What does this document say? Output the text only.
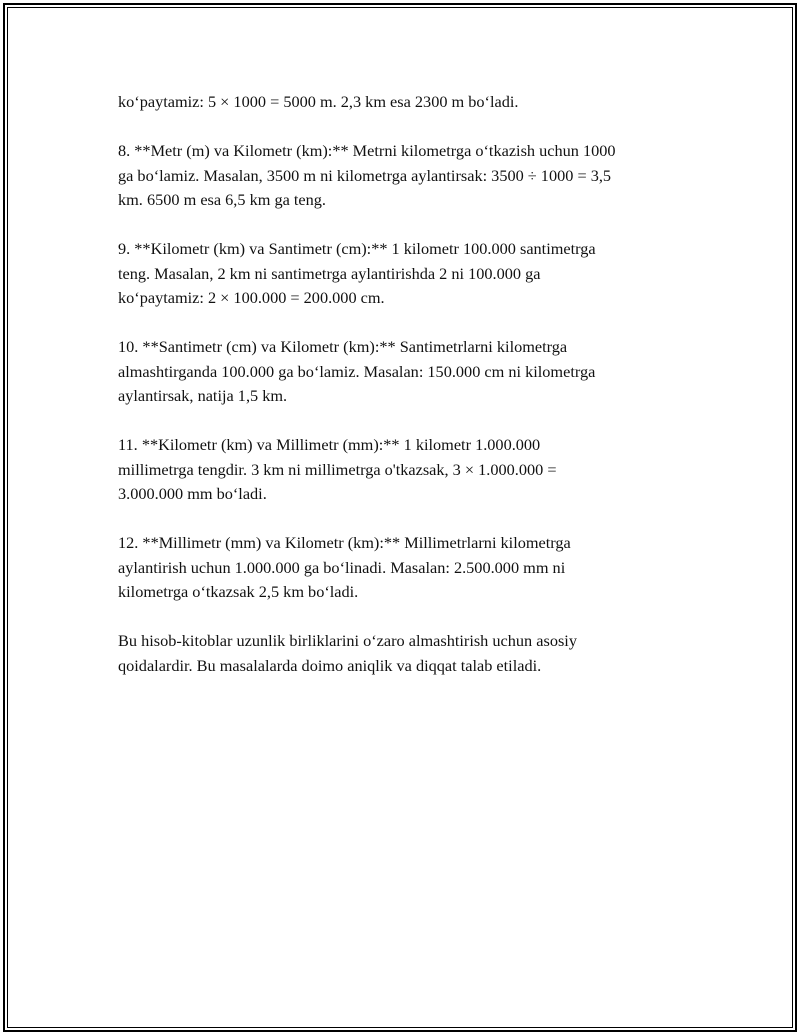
ko‘paytamiz: 5 × 1000 = 5000 m. 2,3 km esa 2300 m bo‘ladi.

8. **Metr (m) va Kilometr (km):** Metrni kilometrga o‘tkazish uchun 1000
ga bo‘lamiz. Masalan, 3500 m ni kilometrga aylantirsak: 3500 ÷ 1000 = 3,5
km. 6500 m esa 6,5 km ga teng.

9. **Kilometr (km) va Santimetr (cm):** 1 kilometr 100.000 santimetrga
teng. Masalan, 2 km ni santimetrga aylantirishda 2 ni 100.000 ga
ko‘paytamiz: 2 × 100.000 = 200.000 cm.

10. **Santimetr (cm) va Kilometr (km):** Santimetrlarni kilometrga
almashtirganda 100.000 ga bo‘lamiz. Masalan: 150.000 cm ni kilometrga
aylantirsak, natija 1,5 km.

11. **Kilometr (km) va Millimetr (mm):** 1 kilometr 1.000.000
millimetrga tengdir. 3 km ni millimetrga o'tkazsak, 3 × 1.000.000 =
3.000.000 mm bo‘ladi.

12. **Millimetr (mm) va Kilometr (km):** Millimetrlarni kilometrga
aylantirish uchun 1.000.000 ga bo‘linadi. Masalan: 2.500.000 mm ni
kilometrga o‘tkazsak 2,5 km bo‘ladi.

Bu hisob-kitoblar uzunlik birliklarini o‘zaro almashtirish uchun asosiy
qoidalardir. Bu masalalarda doimo aniqlik va diqqat talab etiladi.
